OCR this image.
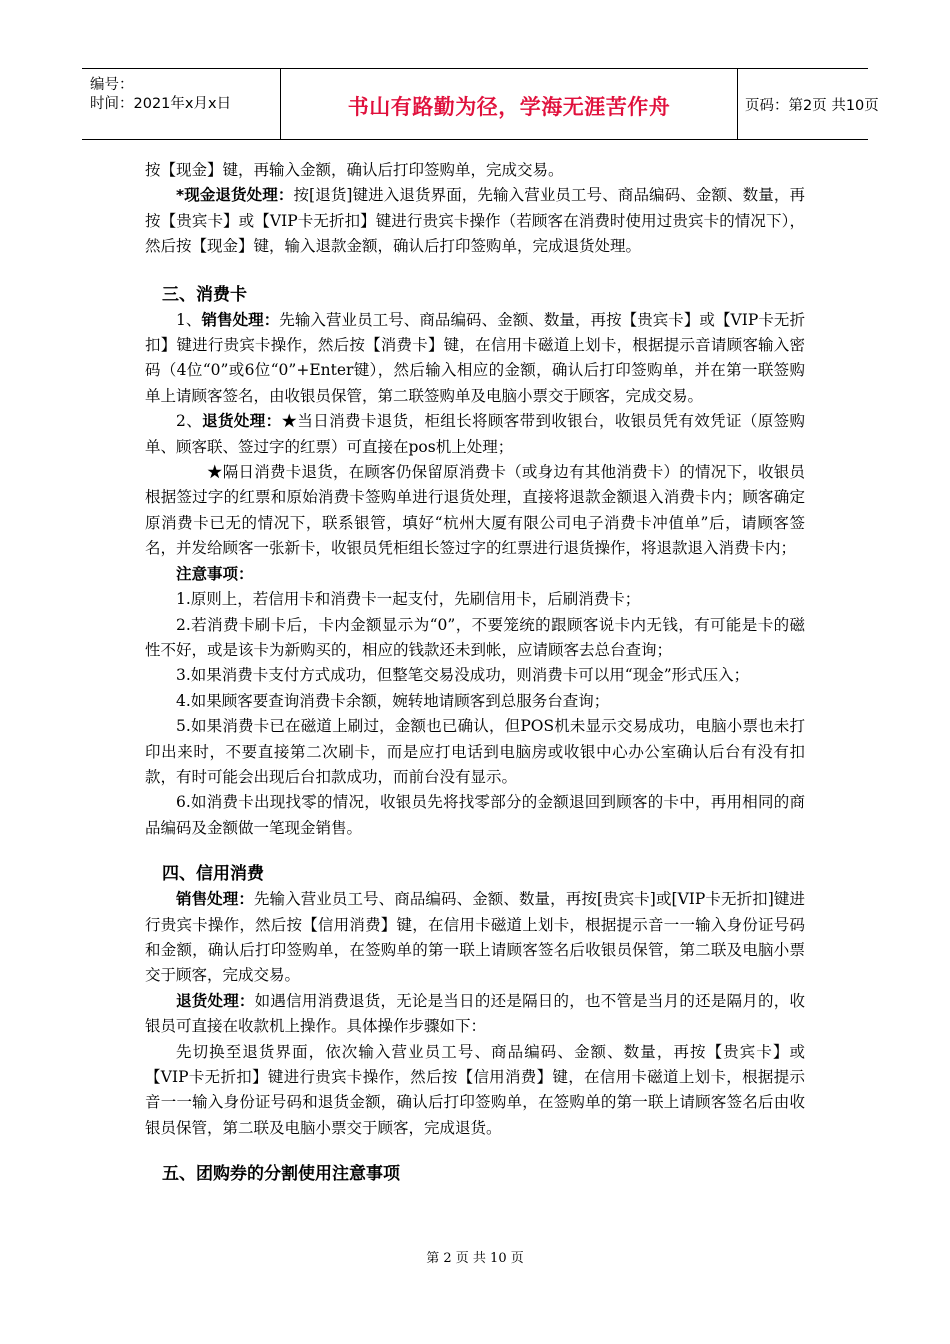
编号：
时间：2021年x月x日	书山有路勤为径，学海无涯苦作舟	页码：第2页 共10页

按【现金】键，再输入金额，确认后打印签购单，完成交易。

*现金退货处理：按[退货]键进入退货界面，先输入营业员工号、商品编码、金额、数量，再按【贵宾卡】或【VIP卡无折扣】键进行贵宾卡操作（若顾客在消费时使用过贵宾卡的情况下），然后按【现金】键，输入退款金额，确认后打印签购单，完成退货处理。

三、消费卡

1、销售处理：先输入营业员工号、商品编码、金额、数量，再按【贵宾卡】或【VIP卡无折扣】键进行贵宾卡操作，然后按【消费卡】键，在信用卡磁道上划卡，根据提示音请顾客输入密码（4位“0”或6位“0”+Enter键），然后输入相应的金额，确认后打印签购单，并在第一联签购单上请顾客签名，由收银员保管，第二联签购单及电脑小票交于顾客，完成交易。

2、退货处理：★当日消费卡退货，柜组长将顾客带到收银台，收银员凭有效凭证（原签购单、顾客联、签过字的红票）可直接在pos机上处理；

★隔日消费卡退货，在顾客仍保留原消费卡（或身边有其他消费卡）的情况下，收银员根据签过字的红票和原始消费卡签购单进行退货处理，直接将退款金额退入消费卡内；顾客确定原消费卡已无的情况下，联系银管，填好“杭州大厦有限公司电子消费卡冲值单”后，请顾客签名，并发给顾客一张新卡，收银员凭柜组长签过字的红票进行退货操作，将退款退入消费卡内；

注意事项：

1.原则上，若信用卡和消费卡一起支付，先刷信用卡，后刷消费卡；

2.若消费卡刷卡后，卡内金额显示为“0”，不要笼统的跟顾客说卡内无钱，有可能是卡的磁性不好，或是该卡为新购买的，相应的钱款还未到帐，应请顾客去总台查询；

3.如果消费卡支付方式成功，但整笔交易没成功，则消费卡可以用“现金”形式压入；

4.如果顾客要查询消费卡余额，婉转地请顾客到总服务台查询；

5.如果消费卡已在磁道上刷过，金额也已确认，但POS机未显示交易成功，电脑小票也未打印出来时，不要直接第二次刷卡，而是应打电话到电脑房或收银中心办公室确认后台有没有扣款，有时可能会出现后台扣款成功，而前台没有显示。

6.如消费卡出现找零的情况，收银员先将找零部分的金额退回到顾客的卡中，再用相同的商品编码及金额做一笔现金销售。

四、信用消费

销售处理：先输入营业员工号、商品编码、金额、数量，再按[贵宾卡]或[VIP卡无折扣]键进行贵宾卡操作，然后按【信用消费】键，在信用卡磁道上划卡，根据提示音一一输入身份证号码和金额，确认后打印签购单，在签购单的第一联上请顾客签名后收银员保管，第二联及电脑小票交于顾客，完成交易。

退货处理：如遇信用消费退货，无论是当日的还是隔日的，也不管是当月的还是隔月的，收银员可直接在收款机上操作。具体操作步骤如下：

先切换至退货界面，依次输入营业员工号、商品编码、金额、数量，再按【贵宾卡】或【VIP卡无折扣】键进行贵宾卡操作，然后按【信用消费】键，在信用卡磁道上划卡，根据提示音一一输入身份证号码和退货金额，确认后打印签购单，在签购单的第一联上请顾客签名后由收银员保管，第二联及电脑小票交于顾客，完成退货。

五、团购券的分割使用注意事项
第 2 页 共 10 页
